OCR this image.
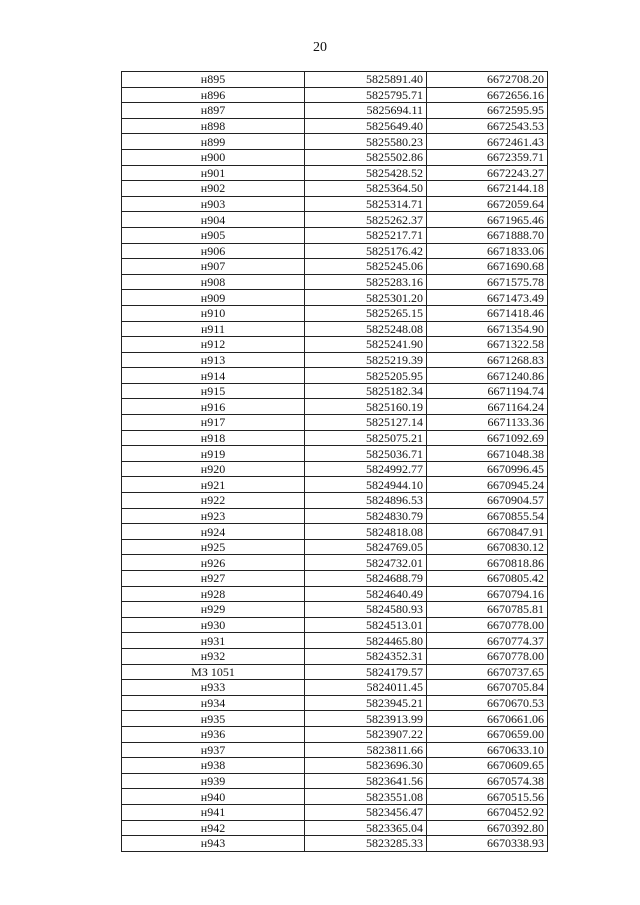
20
н895	5825891.40	6672708.20
н896	5825795.71	6672656.16
н897	5825694.11	6672595.95
н898	5825649.40	6672543.53
н899	5825580.23	6672461.43
н900	5825502.86	6672359.71
н901	5825428.52	6672243.27
н902	5825364.50	6672144.18
н903	5825314.71	6672059.64
н904	5825262.37	6671965.46
н905	5825217.71	6671888.70
н906	5825176.42	6671833.06
н907	5825245.06	6671690.68
н908	5825283.16	6671575.78
н909	5825301.20	6671473.49
н910	5825265.15	6671418.46
н911	5825248.08	6671354.90
н912	5825241.90	6671322.58
н913	5825219.39	6671268.83
н914	5825205.95	6671240.86
н915	5825182.34	6671194.74
н916	5825160.19	6671164.24
н917	5825127.14	6671133.36
н918	5825075.21	6671092.69
н919	5825036.71	6671048.38
н920	5824992.77	6670996.45
н921	5824944.10	6670945.24
н922	5824896.53	6670904.57
н923	5824830.79	6670855.54
н924	5824818.08	6670847.91
н925	5824769.05	6670830.12
н926	5824732.01	6670818.86
н927	5824688.79	6670805.42
н928	5824640.49	6670794.16
н929	5824580.93	6670785.81
н930	5824513.01	6670778.00
н931	5824465.80	6670774.37
н932	5824352.31	6670778.00
МЗ 1051	5824179.57	6670737.65
н933	5824011.45	6670705.84
н934	5823945.21	6670670.53
н935	5823913.99	6670661.06
н936	5823907.22	6670659.00
н937	5823811.66	6670633.10
н938	5823696.30	6670609.65
н939	5823641.56	6670574.38
н940	5823551.08	6670515.56
н941	5823456.47	6670452.92
н942	5823365.04	6670392.80
н943	5823285.33	6670338.93
